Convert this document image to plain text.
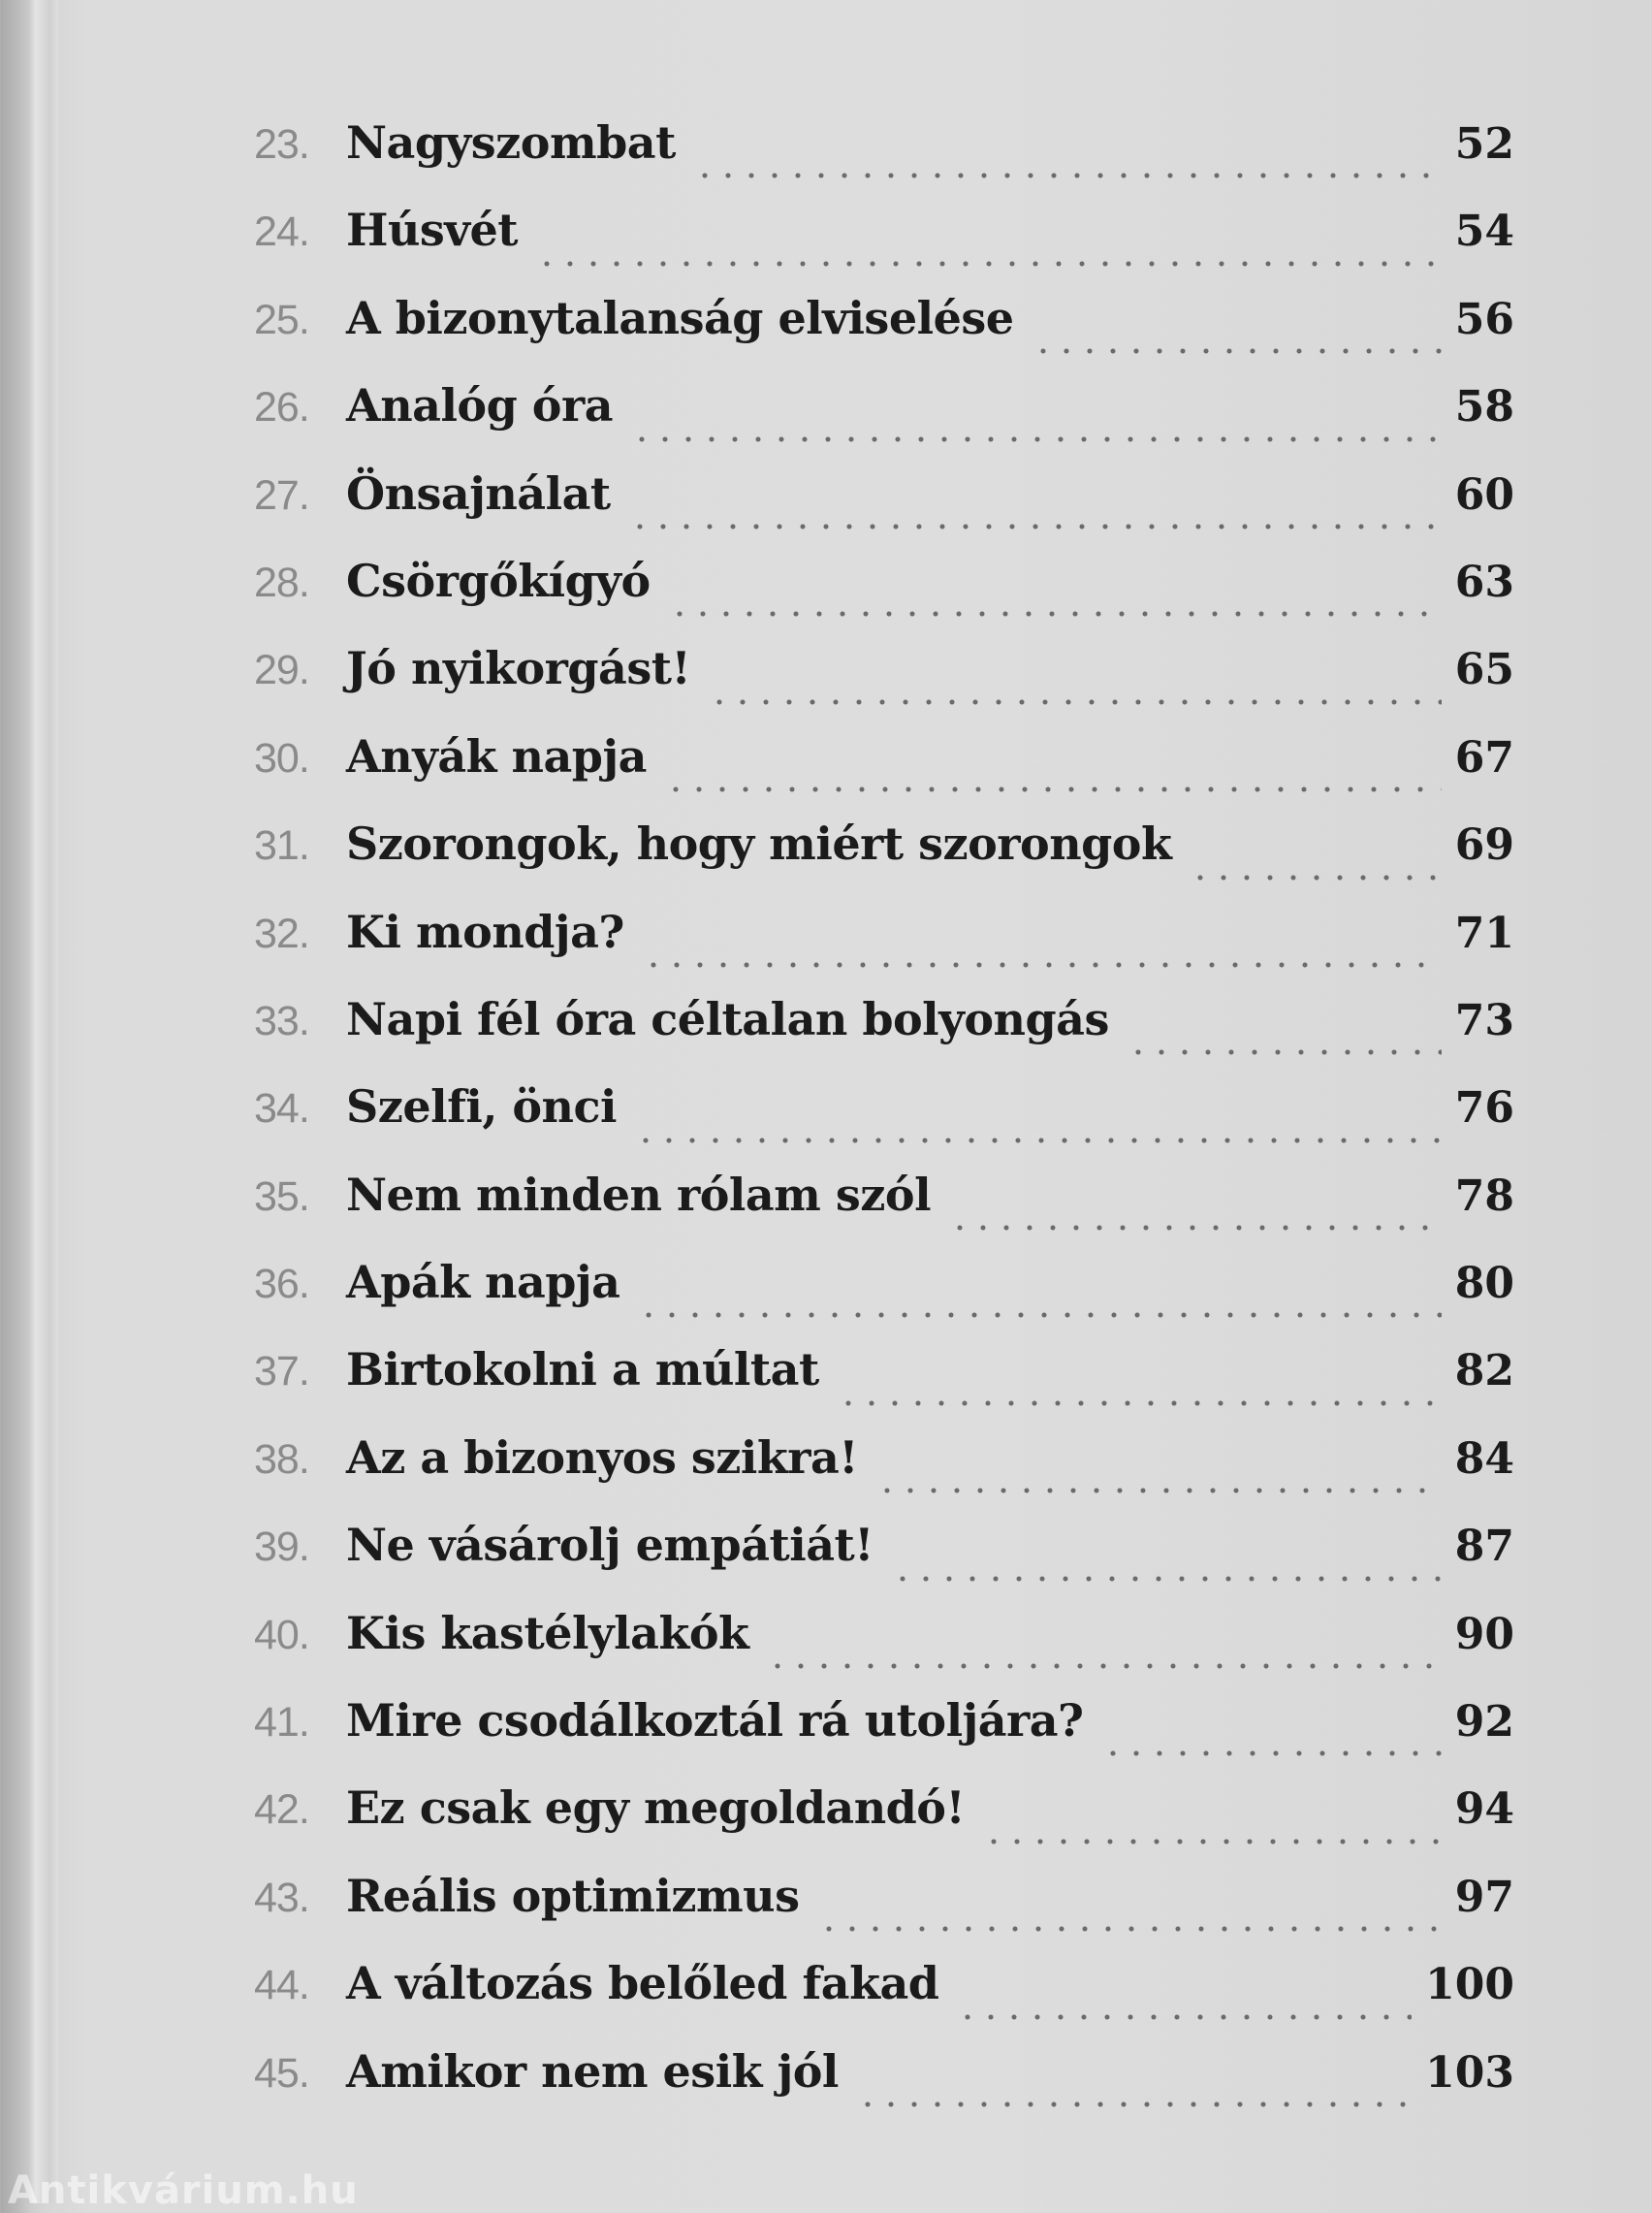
23. Nagyszombat	52
24. Húsvét	54
25. A bizonytalanság elviselése	56
26. Analóg óra	58
27. Önsajnálat	60
28. Csörgőkígyó	63
29. Jó nyikorgást!	65
30. Anyák napja	67
31. Szorongok, hogy miért szorongok	69
32. Ki mondja?	71
33. Napi fél óra céltalan bolyongás	73
34. Szelfi, önci	76
35. Nem minden rólam szól	78
36. Apák napja	80
37. Birtokolni a múltat	82
38. Az a bizonyos szikra!	84
39. Ne vásárolj empátiát!	87
40. Kis kastélylakók	90
41. Mire csodálkoztál rá utoljára?	92
42. Ez csak egy megoldandó!	94
43. Reális optimizmus	97
44. A változás belőled fakad	100
45. Amikor nem esik jól	103
Antikvárium.hu
